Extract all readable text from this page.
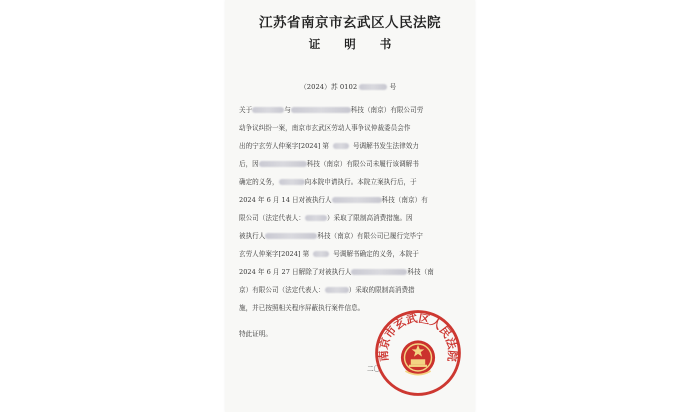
江苏省南京市玄武区人民法院
证 明 书
（2024）苏 0102	号
关于	与	科技（南京）有限公司劳
动争议纠纷一案，南京市玄武区劳动人事争议仲裁委员会作
出的宁玄劳人仲案字[2024] 第	号调解书发生法律效力
后，因	科技（南京）有限公司未履行该调解书
确定的义务，	向本院申请执行。本院立案执行后，于
2024 年 6 月 14 日对被执行人	科技（南京）有
限公司（法定代表人：	）采取了限制高消费措施。因
被执行人	科技（南京）有限公司已履行完毕宁
玄劳人仲案字[2024] 第	号调解书确定的义务，本院于
2024 年 6 月 27 日解除了对被执行人	科技（南
京）有限公司（法定代表人：	）采取的限制高消费措
施，并已按照相关程序屏蔽执行案件信息。
特此证明。
二〇
南京市玄武区人民法院
